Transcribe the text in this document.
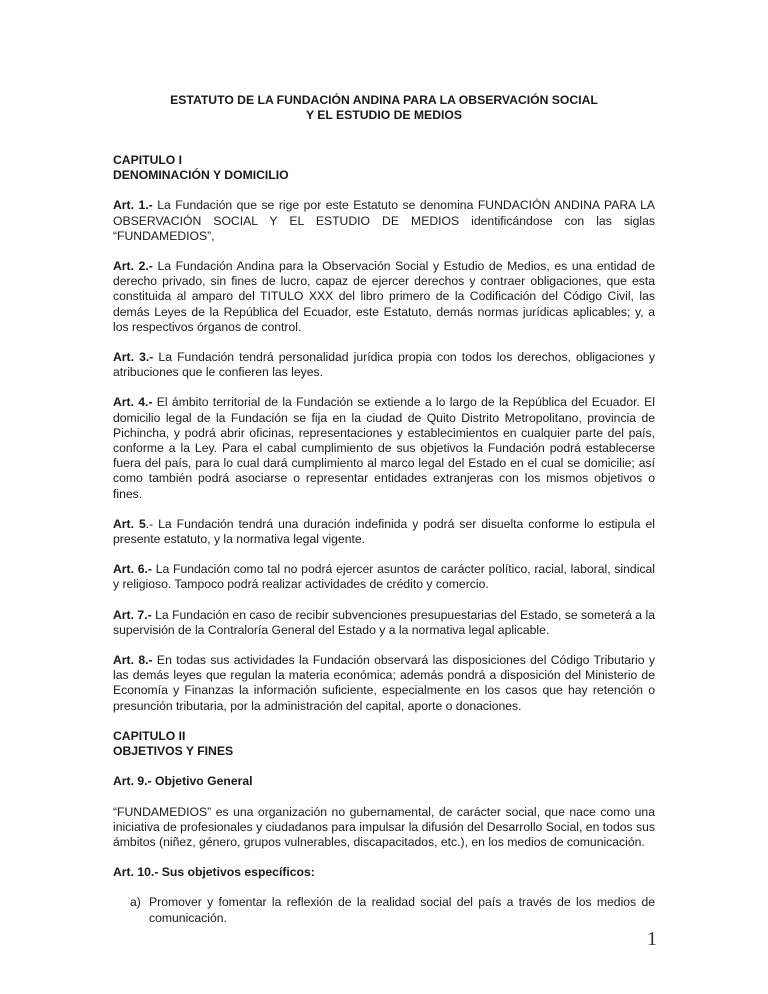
ESTATUTO DE LA FUNDACIÓN ANDINA PARA LA OBSERVACIÓN SOCIAL
Y EL ESTUDIO DE MEDIOS
CAPITULO I
DENOMINACIÓN Y DOMICILIO

Art. 1.- La Fundación que se rige por este Estatuto se denomina FUNDACIÓN ANDINA PARA LA OBSERVACIÓN SOCIAL Y EL ESTUDIO DE MEDIOS identificándose con las siglas “FUNDAMEDIOS”,

Art. 2.- La Fundación Andina para la Observación Social y Estudio de Medios, es una entidad de derecho privado, sin fines de lucro, capaz de ejercer derechos y contraer obligaciones, que esta constituida al amparo del TITULO XXX del libro primero de la Codificación del Código Civil, las demás Leyes de la República del Ecuador, este Estatuto, demás normas jurídicas aplicables; y, a los respectivos órganos de control.

Art. 3.- La Fundación tendrá personalidad jurídica propia con todos los derechos, obligaciones y atribuciones que le confieren las leyes.

Art. 4.- El ámbito territorial de la Fundación se extiende a lo largo de la República del Ecuador. El domicilio legal de la Fundación se fija en la ciudad de Quito Distrito Metropolitano, provincia de Pichincha, y podrá abrir oficinas, representaciones y establecimientos en cualquier parte del país, conforme a la Ley. Para el cabal cumplimiento de sus objetivos la Fundación podrá establecerse fuera del país, para lo cual dará cumplimiento al marco legal del Estado en el cual se domicilie; así como también podrá asociarse o representar entidades extranjeras con los mismos objetivos o fines.

Art. 5.- La Fundación tendrá una duración indefinida y podrá ser disuelta conforme lo estipula el presente estatuto, y la normativa legal vigente.

Art. 6.- La Fundación como tal no podrá ejercer asuntos de carácter político, racial, laboral, sindical y religioso. Tampoco podrá realizar actividades de crédito y comercio.

Art. 7.- La Fundación en caso de recibir subvenciones presupuestarias del Estado, se someterá a la supervisión de la Contraloría General del Estado y a la normativa legal aplicable.

Art. 8.- En todas sus actividades la Fundación observará las disposiciones del Código Tributario y las demás leyes que regulan la materia económica; además pondrá a disposición del Ministerio de Economía y Finanzas la información suficiente, especialmente en los casos que hay retención o presunción tributaria, por la administración del capital, aporte o donaciones.

CAPITULO II
OBJETIVOS Y FINES
Art. 9.- Objetivo General

“FUNDAMEDIOS” es una organización no gubernamental, de carácter social, que nace como una iniciativa de profesionales y ciudadanos para impulsar la difusión del Desarrollo Social, en todos sus ámbitos (niñez, género, grupos vulnerables, discapacitados, etc.), en los medios de comunicación.

Art. 10.- Sus objetivos específicos:
a) Promover y fomentar la reflexión de la realidad social del país a través de los medios de comunicación.
1
